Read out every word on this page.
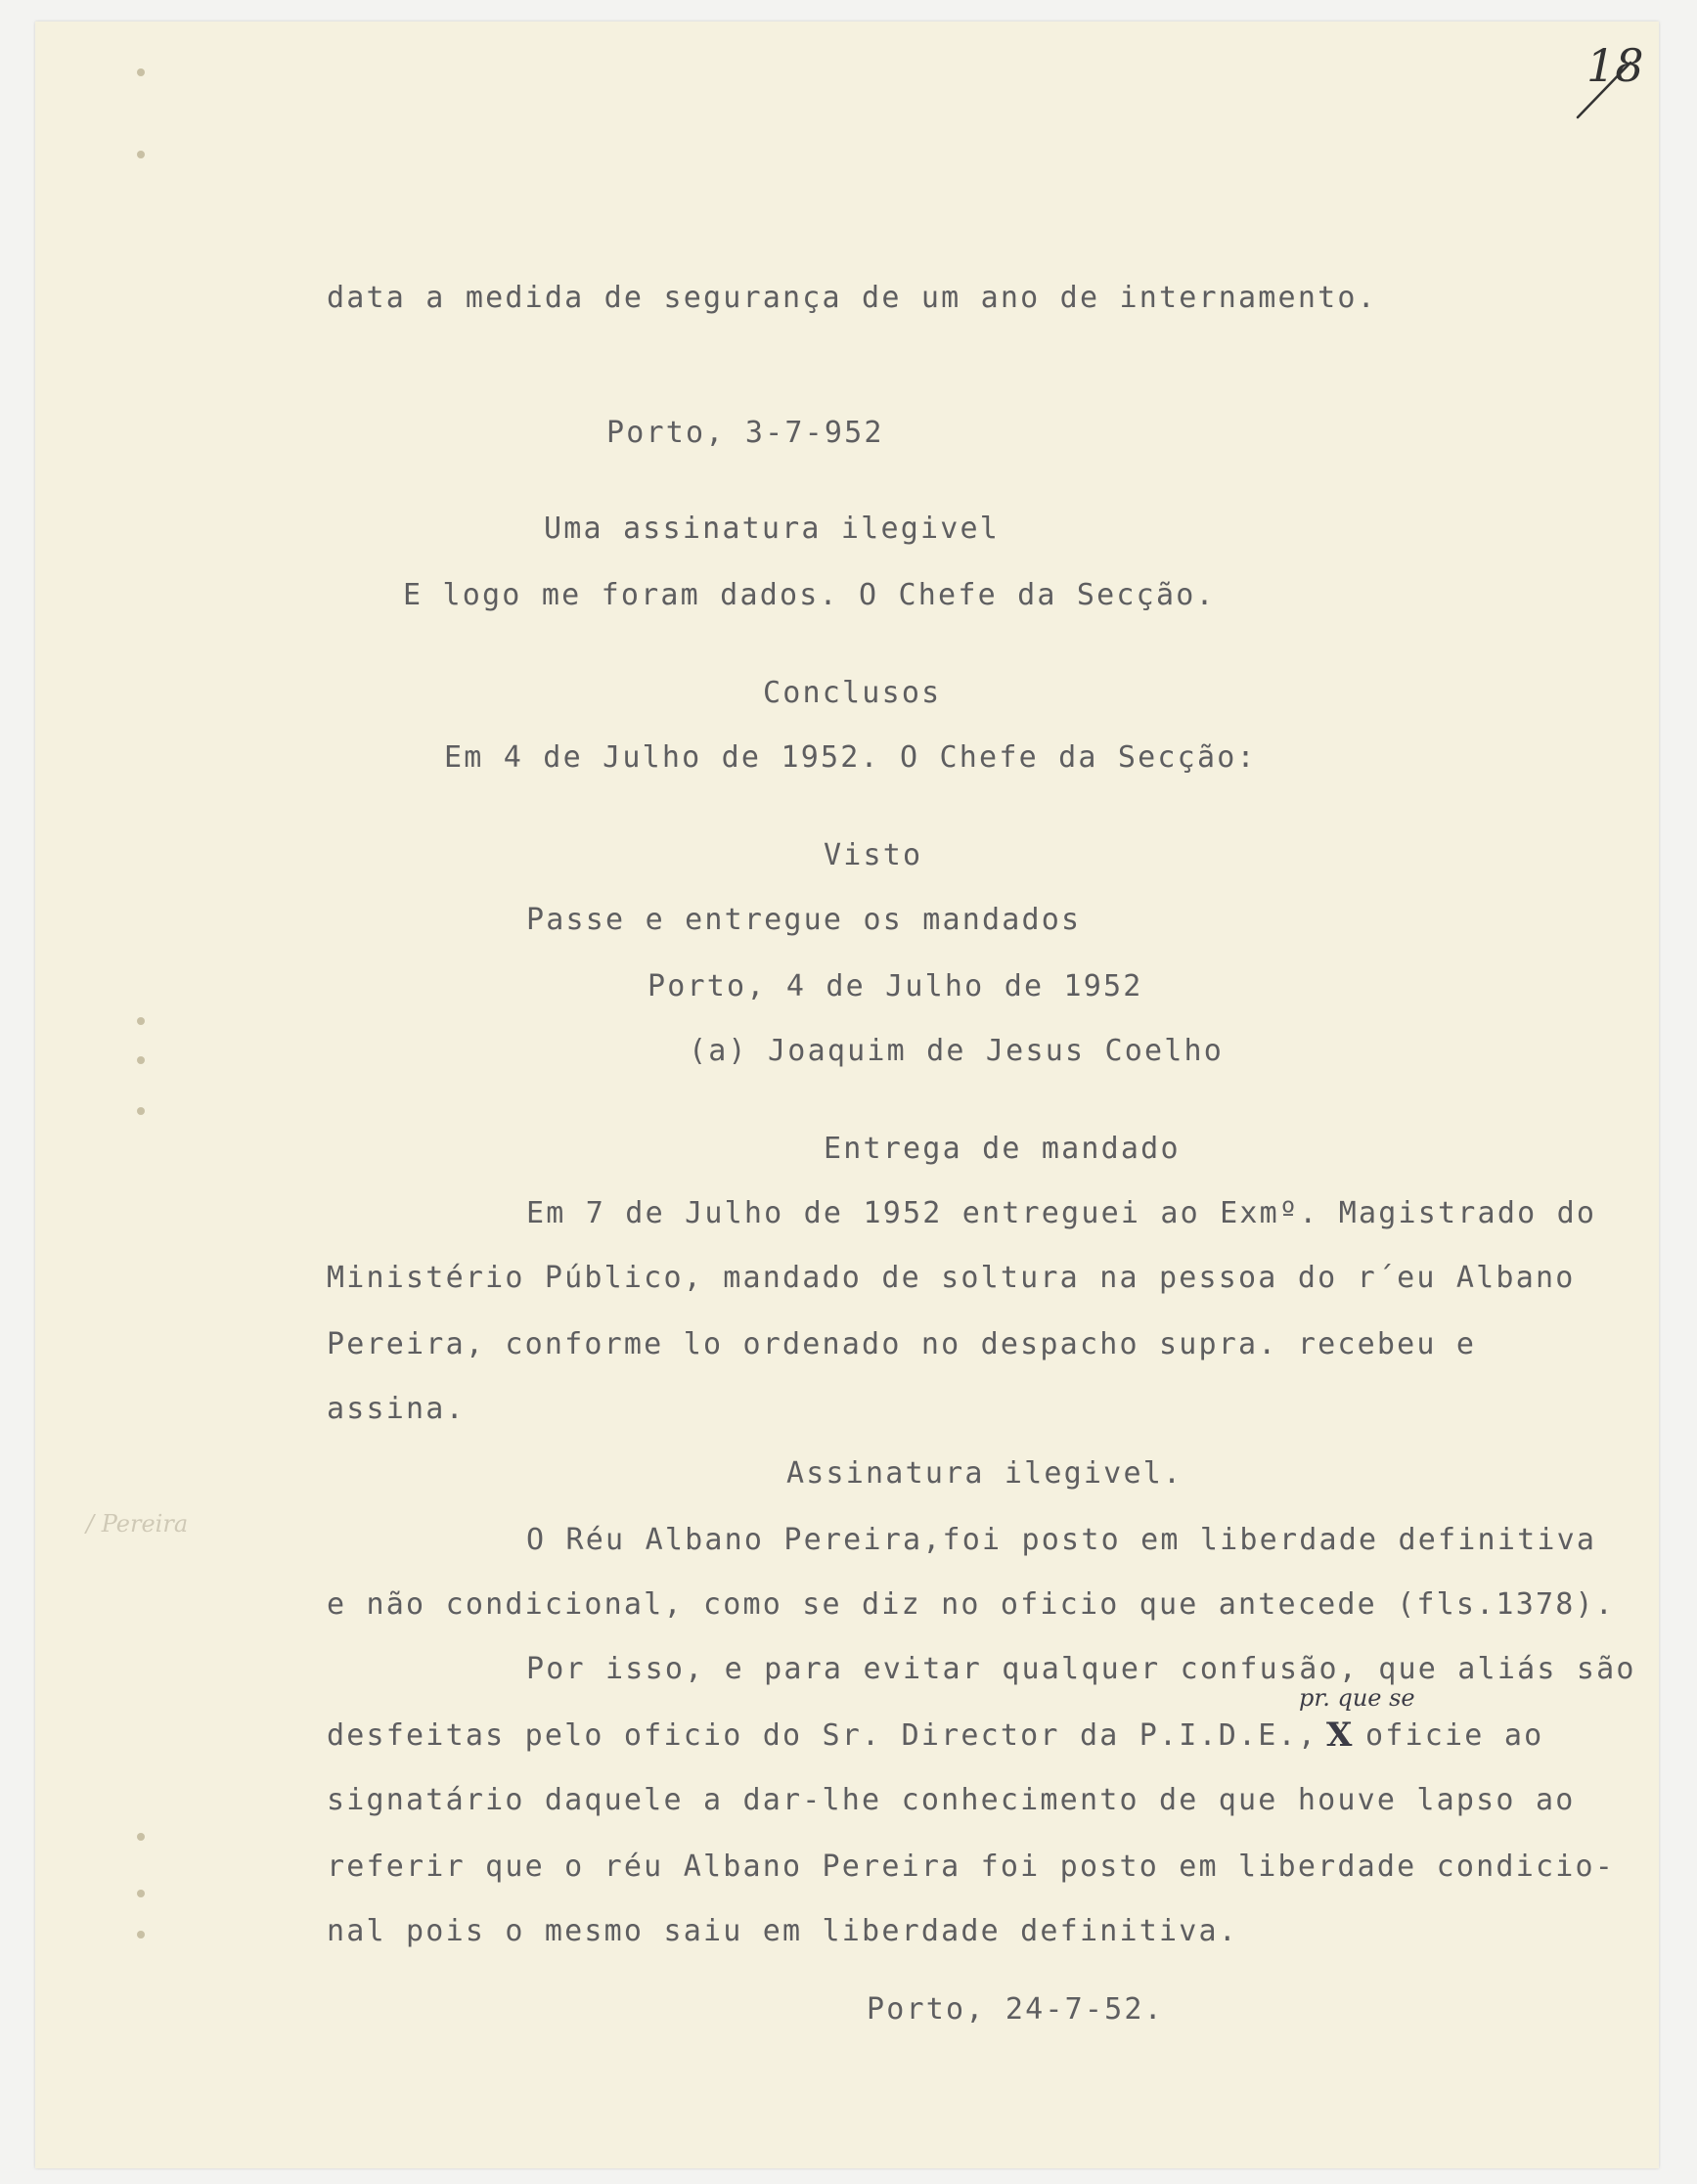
18
/ Pereira
data a medida de segurança de um ano de internamento.
Porto, 3-7-952
Uma assinatura ilegivel
E logo me foram dados. O Chefe da Secção.
Conclusos
Em 4 de Julho de 1952. O Chefe da Secção:
Visto
Passe e entregue os mandados
Porto, 4 de Julho de 1952
(a) Joaquim de Jesus Coelho
Entrega de mandado
Em 7 de Julho de 1952 entreguei ao Exmº. Magistrado do
Ministério Público, mandado de soltura na pessoa do r´eu Albano
Pereira, conforme lo ordenado no despacho supra. recebeu e
assina.
Assinatura ilegivel.
O Réu Albano Pereira,foi posto em liberdade definitiva
e não condicional, como se diz no oficio que antecede (fls.1378).
Por isso, e para evitar qualquer confusão, que aliás são
desfeitas pelo oficio do Sr. Director da P.I.D.E.,
pr. que se
X oficie ao
signatário daquele a dar-lhe conhecimento de que houve lapso ao
referir que o réu Albano Pereira foi posto em liberdade condicio-
nal pois o mesmo saiu em liberdade definitiva.
Porto, 24-7-52.
